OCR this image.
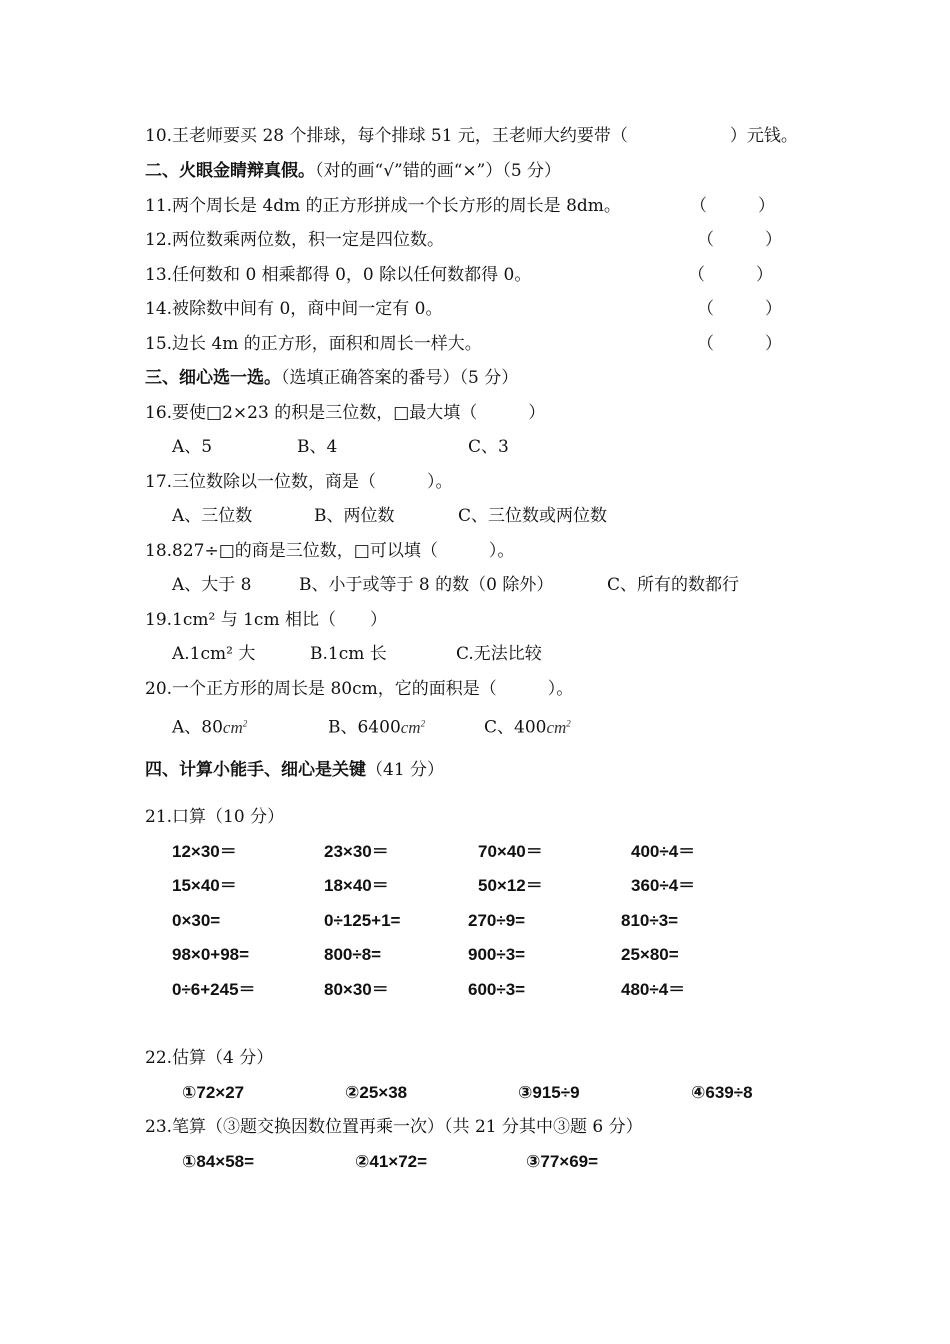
10.王老师要买 28 个排球，每个排球 51 元，王老师大约要带（　　　　　　）元钱。
二、火眼金睛辩真假。（对的画“√”错的画“×”）（5 分）
11.两个周长是 4dm 的正方形拼成一个长方形的周长是 8dm。	（　　　）
12.两位数乘两位数，积一定是四位数。	（　　　）
13.任何数和 0 相乘都得 0，0 除以任何数都得 0。	（　　　）
14.被除数中间有 0，商中间一定有 0。	（　　　）
15.边长 4m 的正方形，面积和周长一样大。	（　　　）
三、细心选一选。（选填正确答案的番号）（5 分）
16.要使□2×23 的积是三位数，□最大填（　　　）
A、5	B、4	C、3
17.三位数除以一位数，商是（　　　）。
A、三位数	B、两位数	C、三位数或两位数
18.827÷□的商是三位数，□可以填（　　　）。
A、大于 8	B、小于或等于 8 的数（0 除外）	C、所有的数都行
19.1cm² 与 1cm 相比（　　）
A.1cm² 大	B.1cm 长	C.无法比较
20.一个正方形的周长是 80cm，它的面积是（　　　）。
A、$80cm^2$	B、$6400cm^2$	C、$400cm^2$
四、计算小能手、细心是关键（41 分）
21.口算（10 分）
12×30＝	23×30＝	70×40＝	400÷4＝
15×40＝	18×40＝	50×12＝	360÷4＝
0×30=	0÷125+1=	270÷9=	810÷3=
98×0+98=	800÷8=	900÷3=	25×80=
0÷6+245＝	80×30＝	600÷3=	480÷4＝
22.估算（4 分）
①72×27	②25×38	③915÷9	④639÷8
23.笔算（③题交换因数位置再乘一次）（共 21 分其中③题 6 分）
①84×58=	②41×72=	③77×69=
